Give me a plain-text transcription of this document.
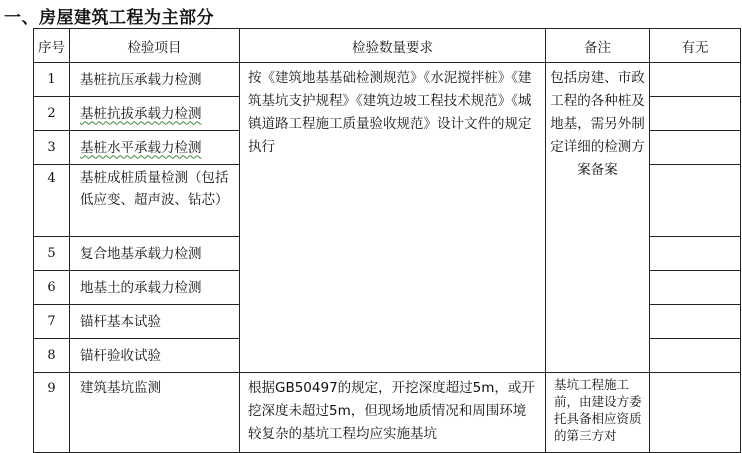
一、房屋建筑工程为主部分
序号	检验项目	检验数量要求	备注	有无
1	基桩抗压承载力检测	按《建筑地基基础检测规范》《水泥搅拌桩》《建筑基坑支护规程》《建筑边坡工程技术规范》《城镇道路工程施工质量验收规范》设计文件的规定执行	包括房建、市政工程的各种桩及地基，需另外制定详细的检测方案备案	
2	基桩抗拔承载力检测			
3	基桩水平承载力检测			
4	基桩成桩质量检测（包括低应变、超声波、钻芯）			
5	复合地基承载力检测			
6	地基土的承载力检测			
7	锚杆基本试验			
8	锚杆验收试验			
9	建筑基坑监测	根据GB50497的规定，开挖深度超过5m，或开挖深度未超过5m，但现场地质情况和周围环境较复杂的基坑工程均应实施基坑	基坑工程施工前，由建设方委托具备相应资质的第三方对	
